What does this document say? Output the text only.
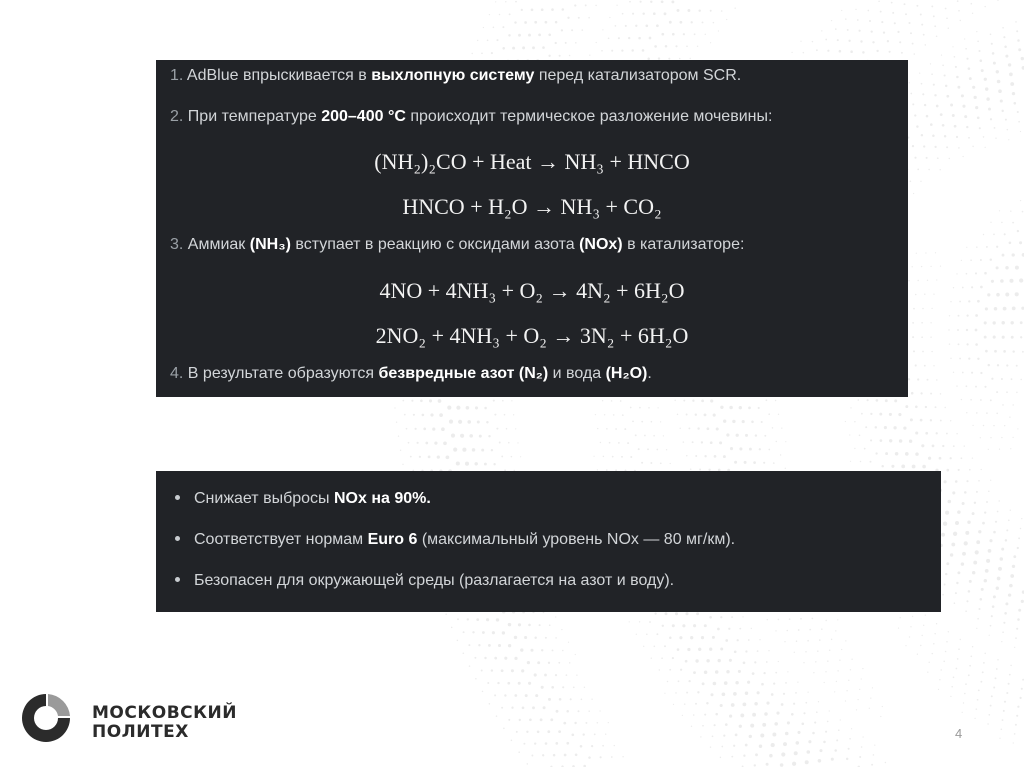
1. AdBlue впрыскивается в выхлопную систему перед катализатором SCR.
2. При температуре 200–400 °C происходит термическое разложение мочевины:
(NH₂)₂CO + Heat → NH₃ + HNCO
HNCO + H₂O → NH₃ + CO₂
3. Аммиак (NH₃) вступает в реакцию с оксидами азота (NOx) в катализаторе:
4NO + 4NH₃ + O₂ → 4N₂ + 6H₂O
2NO₂ + 4NH₃ + O₂ → 3N₂ + 6H₂O
4. В результате образуются безвредные азот (N₂) и вода (H₂O).
Снижает выбросы NOx на 90%.
Соответствует нормам Euro 6 (максимальный уровень NOx — 80 мг/км).
Безопасен для окружающей среды (разлагается на азот и воду).
МОСКОВСКИЙ
ПОЛИТЕХ	4
